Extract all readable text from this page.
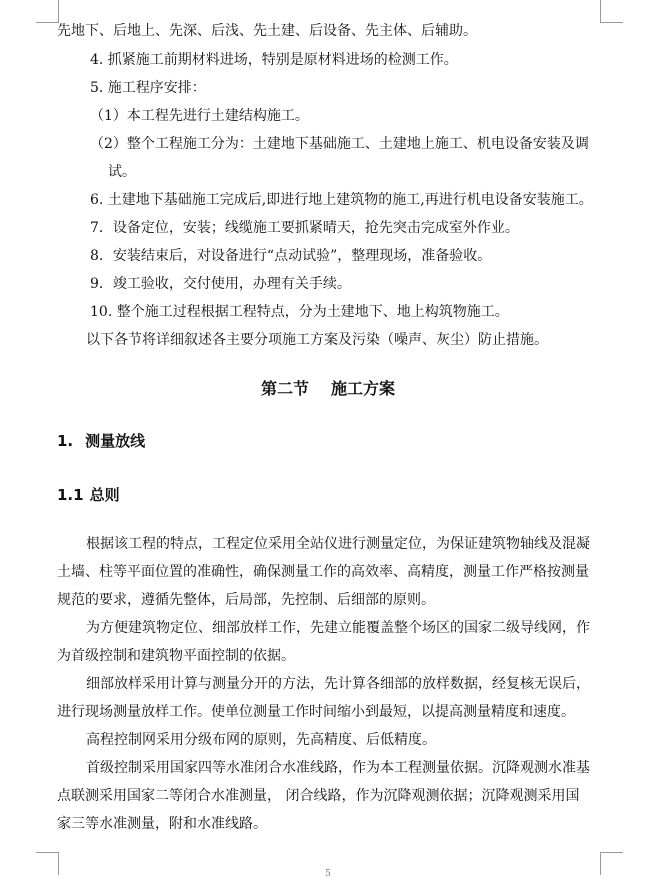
先地下、后地上、先深、后浅、先土建、后设备、先主体、后辅助。
4. 抓紧施工前期材料进场，特别是原材料进场的检测工作。
5. 施工程序安排：
（1）本工程先进行土建结构施工。
（2）整个工程施工分为：土建地下基础施工、土建地上施工、机电设备安装及调
试。
6. 土建地下基础施工完成后,即进行地上建筑物的施工,再进行机电设备安装施工。
7．设备定位，安装；线缆施工要抓紧晴天，抢先突击完成室外作业。
8．安装结束后，对设备进行“点动试验”，整理现场，准备验收。
9．竣工验收，交付使用，办理有关手续。
10. 整个施工过程根据工程特点，分为土建地下、地上构筑物施工。
以下各节将详细叙述各主要分项施工方案及污染（噪声、灰尘）防止措施。
第二节 施工方案
1. 测量放线
1.1 总则
根据该工程的特点，工程定位采用全站仪进行测量定位，为保证建筑物轴线及混凝
土墙、柱等平面位置的准确性，确保测量工作的高效率、高精度，测量工作严格按测量
规范的要求，遵循先整体，后局部，先控制、后细部的原则。
为方便建筑物定位、细部放样工作，先建立能覆盖整个场区的国家二级导线网，作
为首级控制和建筑物平面控制的依据。
细部放样采用计算与测量分开的方法，先计算各细部的放样数据，经复核无误后，
进行现场测量放样工作。使单位测量工作时间缩小到最短，以提高测量精度和速度。
高程控制网采用分级布网的原则，先高精度、后低精度。
首级控制采用国家四等水准闭合水准线路，作为本工程测量依据。沉降观测水准基
点联测采用国家二等闭合水准测量， 闭合线路，作为沉降观测依据；沉降观测采用国
家三等水准测量，附和水准线路。
5
